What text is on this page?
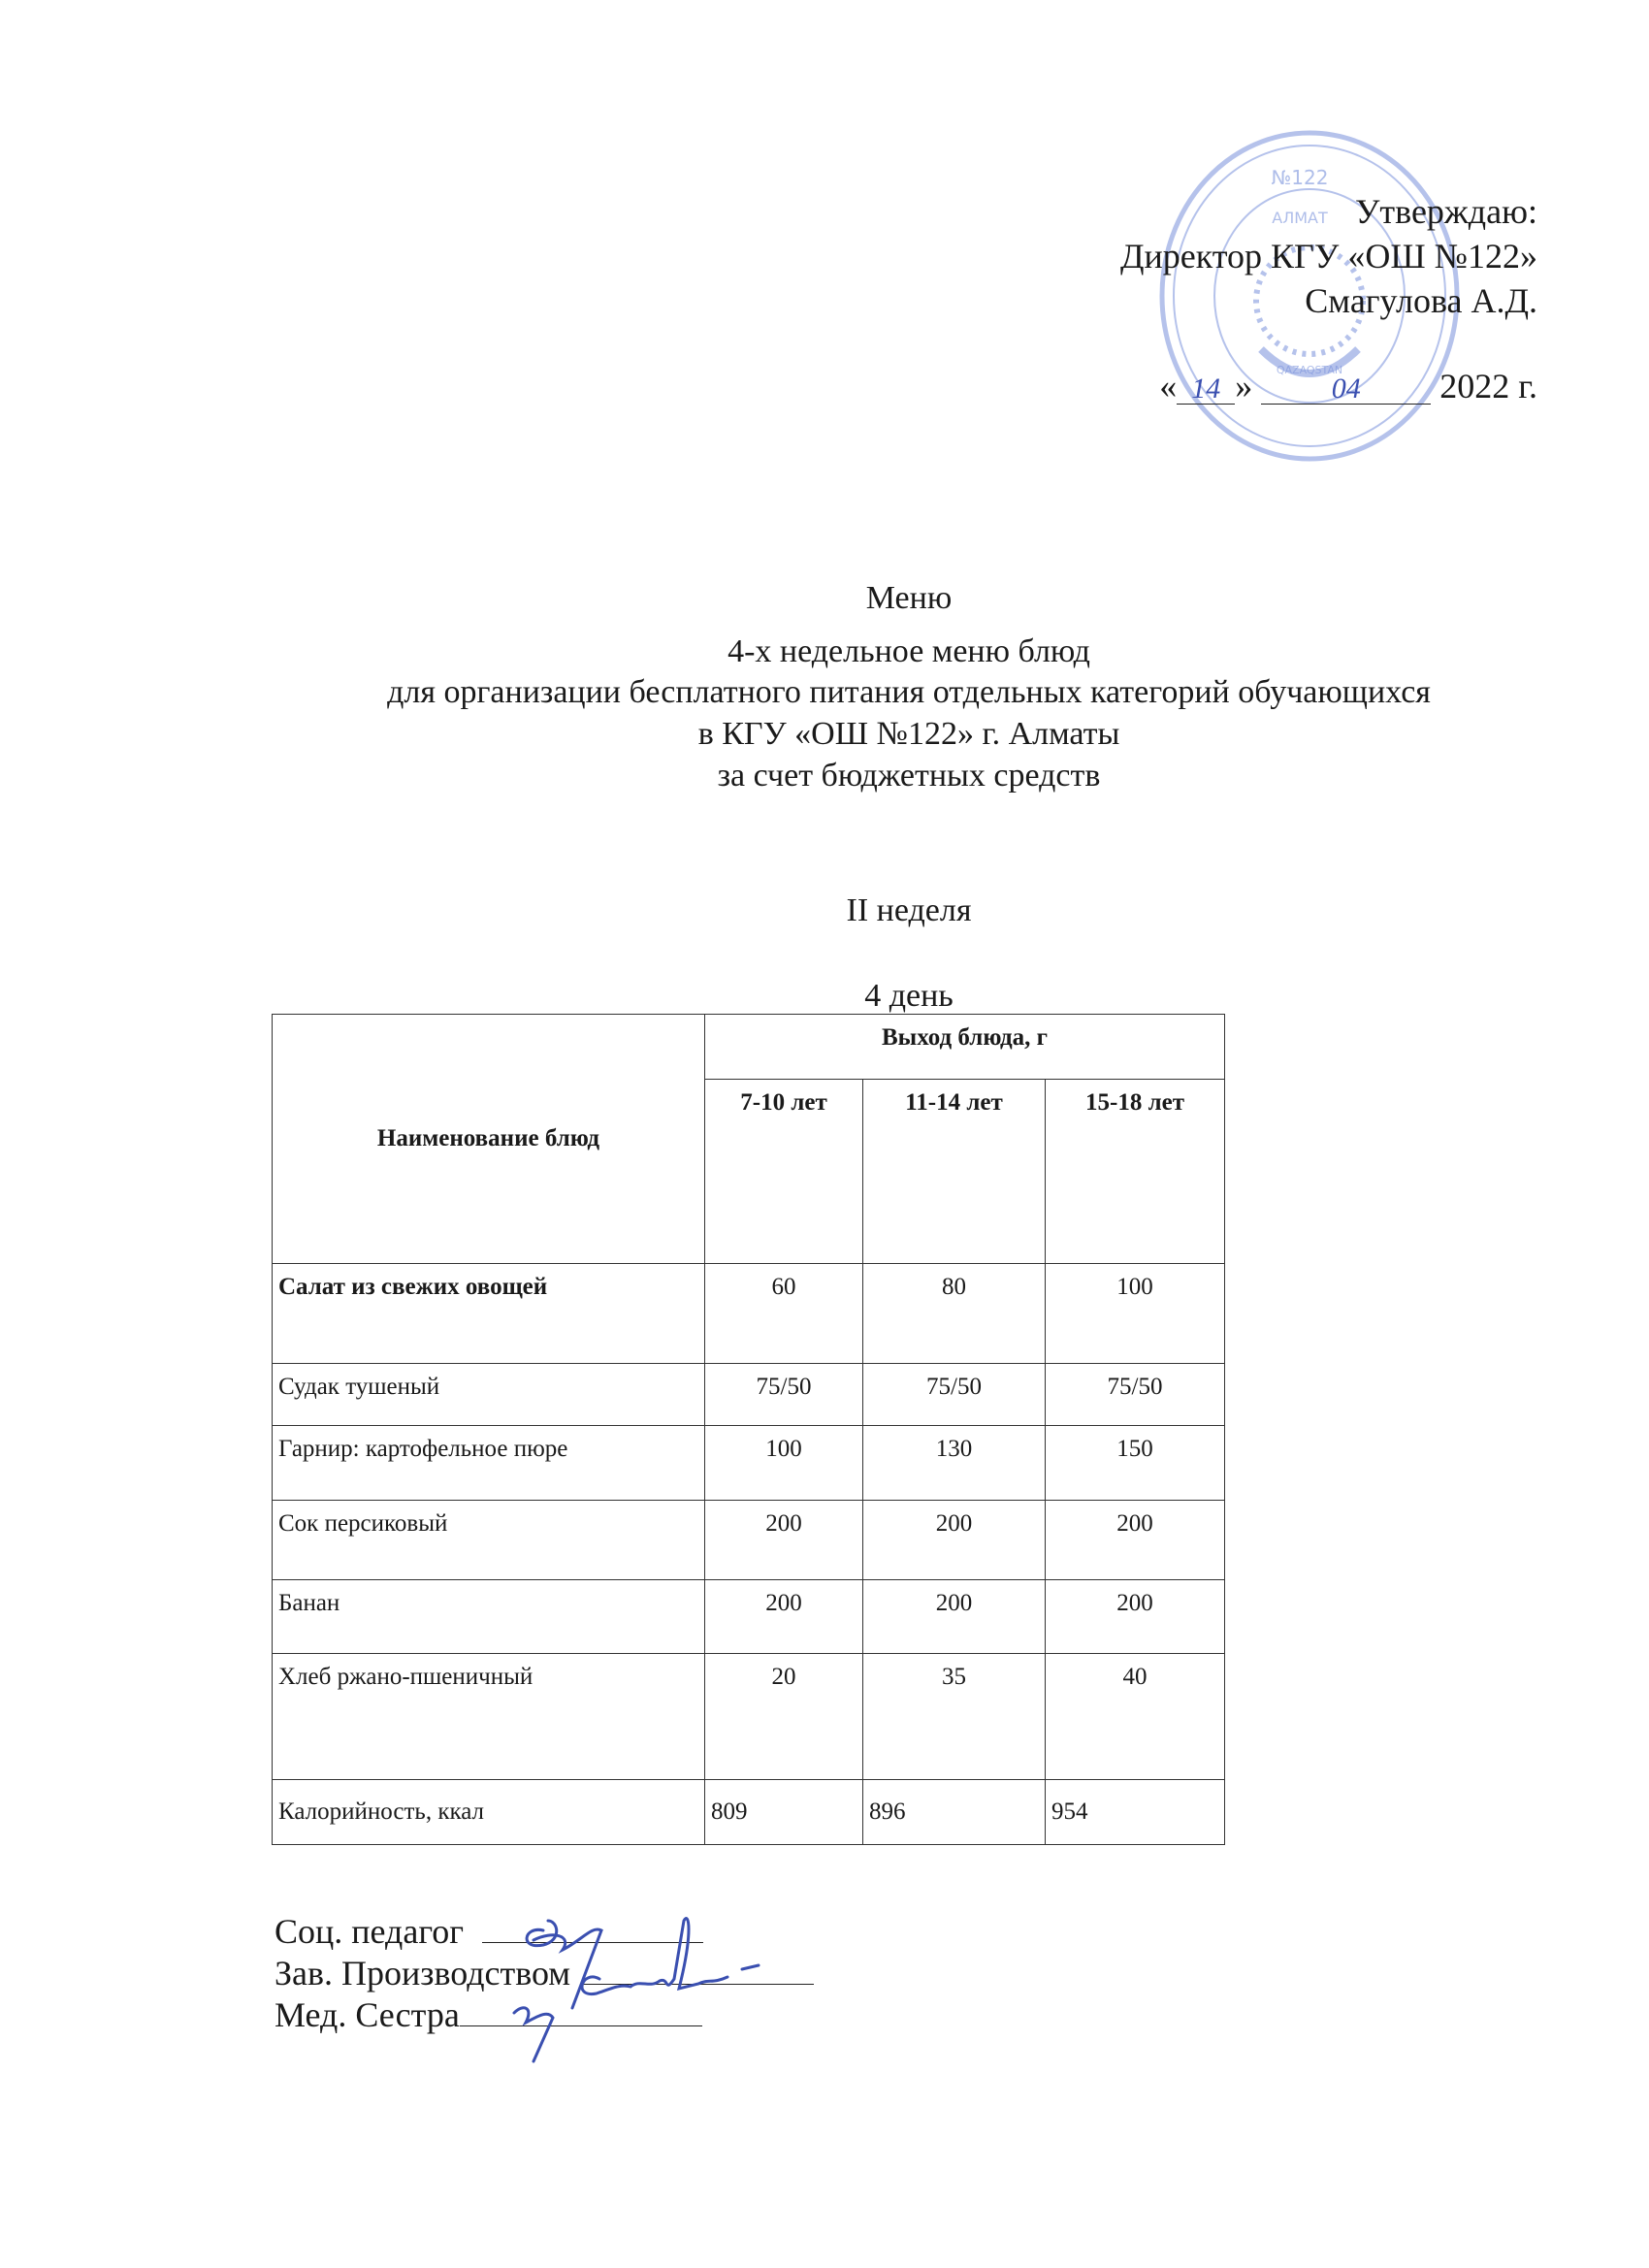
№122
АЛМАТ
QAZAQSTAN
Утверждаю:
Директор КГУ «ОШ №122»
Смагулова А.Д.
« 14 »	04 2022 г.
Меню
4-х недельное меню блюд
для организации бесплатного питания отдельных категорий обучающихся
в КГУ «ОШ №122» г. Алматы
за счет бюджетных средств
II неделя
4 день
Наименование блюд	Выход блюда, г		

	7-10 лет	11-14 лет	15-18 лет

Салат из свежих овощей	60	80	100

Судак тушеный	75/50	75/50	75/50

Гарнир: картофельное пюре	100	130	150

Сок персиковый	200	200	200

Банан	200	200	200

Хлеб ржано-пшеничный	20	35	40

Калорийность, ккал	809	896	954
Соц. педагог
Зав. Производством
Мед. Сестра
